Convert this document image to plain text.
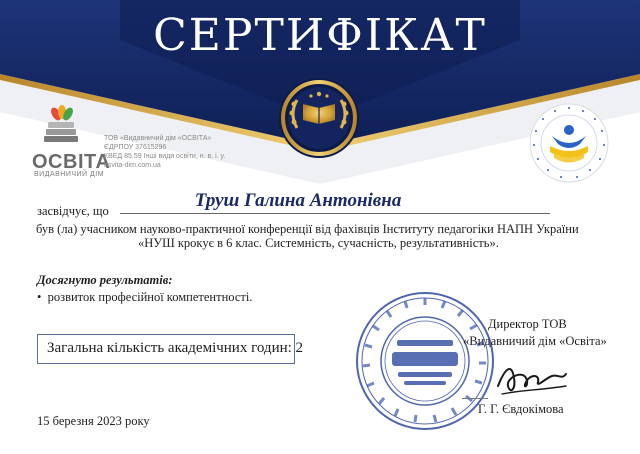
СЕРТИФІКАТ
ОСВІТА
ВИДАВНИЧИЙ ДІМ
ТОВ «Видавничий дім «ОСВІТА»
ЄДРПОУ 37615296
КВЕД 85.59 Інші види освіти, н. в. і. у.
osvita-dim.com.ua
засвідчує, що	Труш Галина Антонівна
був (ла) учасником науково-практичної конференції від фахівців Інституту педагогіки НАПН України
«НУШ крокує в 6 клас. Системність, сучасність, результативність».
Досягнуто результатів:
•  розвиток професійної компетентності.
Загальна кількість академічних годин: 2
15 березня 2023 року
Директор ТОВ
«Видавничий дім «Освіта»
Г. Г. Євдокімова
